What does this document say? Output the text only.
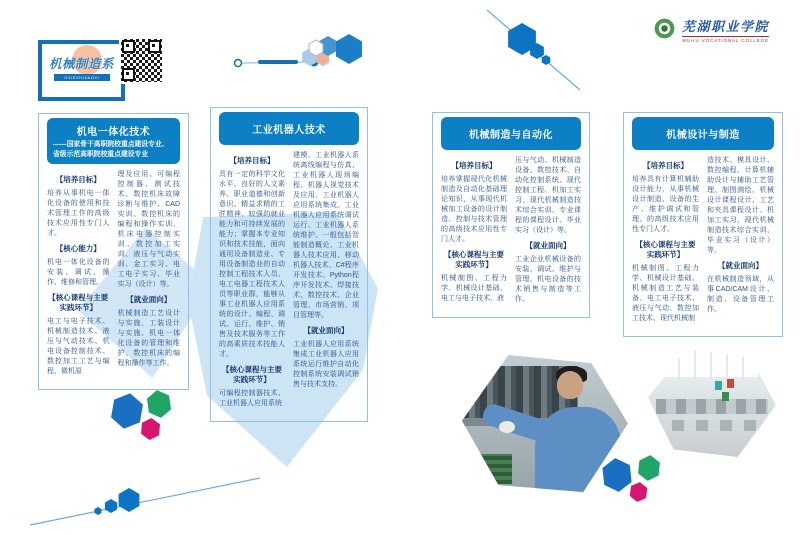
机械制造系
JIXIEZHIZAOXI
芜湖职业学院
WUHU VOCATIONAL COLLEGE
机电一体化技术
——国家骨干高职院校重点建设专业、省级示范高职院校重点建设专业
【培养目标】
培养从事机电一体化设备的使用和技术管理工作的高级技术应用性专门人才。
【核心能力】
机电一体化设备的安装、调试、操作、维修和管理。
【核心课程与主要实践环节】
电工与电子技术、机械制造技术、液压与气动技术、机电设备控制技术、数控加工工艺与编程、微机原
理及应用、可编程控制器、测试技术、数控机床故障诊断与维护、CAD实训、数控机床的编程和操作实训、机床电器控制实训、数控加工实训、液压与气动实训、金工实习、电工电子实习、毕业实习（设计）等。
【就业面向】
机械制造工艺设计与实施、工装设计与实施、机电一体化设备的管理和维护、数控机床的编程和操作等工作。
工业机器人技术
【培养目标】
具有一定的科学文化水平、良好的人文素养、职业道德和创新意识、精益求精的工匠精神、较强的就业能力和可持续发展的能力；掌握本专业知识和技术技能，面向通用设备制造业、专用设备制造业的自动控制工程技术人员、电工电器工程技术人员等职业群，能够从事工业机器人应用系统的设计、编程、调试、运行、维护、销售及技术服务等工作的高素质技术技能人才。
【核心课程与主要实践环节】
可编程控制器技术、工业机器人应用系统
建模、工业机器人系统离线编程与仿真、工业机器人现场编程、机器人视觉技术及应用、工业机器人应用系统集成、工业机器人应用系统调试运行、工业机器人系统维护、一般包括智能制造概论、工业机器人技术应用、移动机器人技术、C#程序开发技术、Python程序开发技术、焊接技术、数控技术、企业管理、市场营销、项目管理等。
【就业面向】
工业机器人应用系统集成工业机器人应用系统运行维护自动化控制系统安装调试销售与技术支持。
机械制造与自动化
【培养目标】
培养掌握现代化机械制造及自动化基础理论知识，从事现代机械加工设备的设计制造、控制与技术管理的高级技术应用性专门人才。
【核心课程与主要实践环节】
机械制图、工程力学、机械设计基础、电工与电子技术、液
压与气动、机械制造设备、数控技术、自动化控制系统、现代控制工程、机加工实习、现代机械制造技术综合实训、专业课程的课程设计、毕业实习（设计）等。
【就业面向】
工业企业机械设备的安装、调试、维护与管理、机电设备的技术销售与制造等工作。
机械设计与制造
【培养目标】
培养具有计算机辅助设计能力，从事机械设计制造、设备的生产、维护调试和管理、的高级技术应用性专门人才。
【核心课程与主要实践环节】
机械制图、工程力学、机械设计基础、机械制造工艺与装备、电工电子技术、液压与气动、数控加工技术、现代机械制
造技术、模具设计、数控编程、计算机辅助设计与辅助工艺管理、制图测绘、机械设计课程设计、工艺和夹具课程设计、机加工实习、现代机械制造技术综合实训、毕业实习（设计）等。
【就业面向】
在机械制造领域，从事CAD/CAM设计、制造、设备管理工作。
